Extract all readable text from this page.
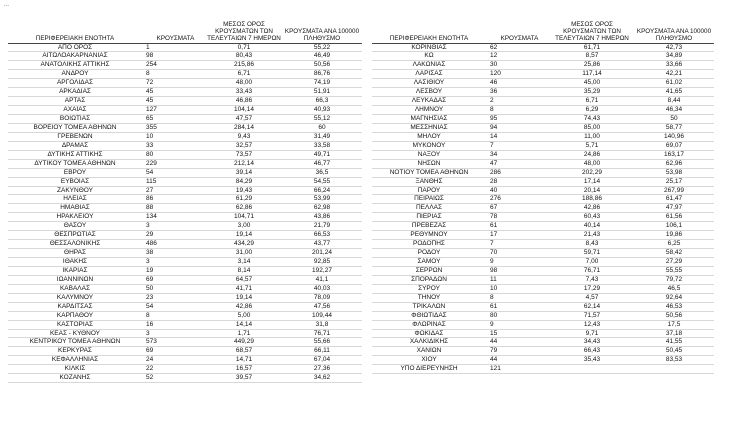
...
ΠΕΡΙΦΕΡΕΙΑΚΗ ΕΝΟΤΗΤΑ	ΚΡΟΥΣΜΑΤΑ	ΜΕΣΟΣ ΟΡΟΣ ΚΡΟΥΣΜΑΤΩΝ ΤΩΝ ΤΕΛΕΥΤΑΙΩΝ 7 ΗΜΕΡΩΝ	ΚΡΟΥΣΜΑΤΑ ΑΝΑ 100000 ΠΛΗΘΥΣΜΟ
ΑΠΟ ΟΡΟΣ	1	0,71	55,22
ΑΙΤΩΛΟΑΚΑΡΝΑΝΙΑΣ	98	80,43	46,49
ΑΝΑΤΟΛΙΚΗΣ ΑΤΤΙΚΗΣ	254	215,86	50,56
ΑΝΔΡΟΥ	8	6,71	86,76
ΑΡΓΟΛΙΔΑΣ	72	48,00	74,19
ΑΡΚΑΔΙΑΣ	45	33,43	51,91
ΑΡΤΑΣ	45	46,86	66,3
ΑΧΑΪΑΣ	127	104,14	40,93
ΒΟΙΩΤΙΑΣ	65	47,57	55,12
ΒΟΡΕΙΟΥ ΤΟΜΕΑ ΑΘΗΝΩΝ	355	284,14	60
ΓΡΕΒΕΝΩΝ	10	9,43	31,49
ΔΡΑΜΑΣ	33	32,57	33,58
ΔΥΤΙΚΗΣ ΑΤΤΙΚΗΣ	80	73,57	49,71
ΔΥΤΙΚΟΥ ΤΟΜΕΑ ΑΘΗΝΩΝ	229	212,14	46,77
ΕΒΡΟΥ	54	39,14	36,5
ΕΥΒΟΙΑΣ	115	84,29	54,55
ΖΑΚΥΝΘΟΥ	27	19,43	66,24
ΗΛΕΙΑΣ	86	61,29	53,99
ΗΜΑΘΙΑΣ	88	62,86	62,98
ΗΡΑΚΛΕΙΟΥ	134	104,71	43,86
ΘΑΣΟΥ	3	3,00	21,79
ΘΕΣΠΡΩΤΙΑΣ	29	19,14	66,53
ΘΕΣΣΑΛΟΝΙΚΗΣ	486	434,29	43,77
ΘΗΡΑΣ	38	31,00	201,24
ΙΘΑΚΗΣ	3	3,14	92,85
ΙΚΑΡΙΑΣ	19	8,14	192,27
ΙΩΑΝΝΙΝΩΝ	69	64,57	41,1
ΚΑΒΑΛΑΣ	50	41,71	40,03
ΚΑΛΥΜΝΟΥ	23	19,14	78,09
ΚΑΡΔΙΤΣΑΣ	54	42,86	47,56
ΚΑΡΠΑΘΟΥ	8	5,00	109,44
ΚΑΣΤΟΡΙΑΣ	16	14,14	31,8
ΚΕΑΣ - ΚΥΘΝΟΥ	3	1,71	76,71
ΚΕΝΤΡΙΚΟΥ ΤΟΜΕΑ ΑΘΗΝΩΝ	573	449,29	55,66
ΚΕΡΚΥΡΑΣ	69	68,57	66,11
ΚΕΦΑΛΛΗΝΙΑΣ	24	14,71	67,04
ΚΙΛΚΙΣ	22	16,57	27,36
ΚΟΖΑΝΗΣ	52	39,57	34,62
ΠΕΡΙΦΕΡΕΙΑΚΗ ΕΝΟΤΗΤΑ	ΚΡΟΥΣΜΑΤΑ	ΜΕΣΟΣ ΟΡΟΣ ΚΡΟΥΣΜΑΤΩΝ ΤΩΝ ΤΕΛΕΥΤΑΙΩΝ 7 ΗΜΕΡΩΝ	ΚΡΟΥΣΜΑΤΑ ΑΝΑ 100000 ΠΛΗΘΥΣΜΟ
ΚΟΡΙΝΘΙΑΣ	62	61,71	42,73
ΚΩ	12	8,57	34,89
ΛΑΚΩΝΙΑΣ	30	25,86	33,66
ΛΑΡΙΣΑΣ	120	117,14	42,21
ΛΑΣΙΘΙΟΥ	46	45,00	61,02
ΛΕΣΒΟΥ	36	35,29	41,65
ΛΕΥΚΑΔΑΣ	2	6,71	8,44
ΛΗΜΝΟΥ	8	6,29	46,34
ΜΑΓΝΗΣΙΑΣ	95	74,43	50
ΜΕΣΣΗΝΙΑΣ	94	85,00	58,77
ΜΗΛΟΥ	14	11,00	140,96
ΜΥΚΟΝΟΥ	7	5,71	69,07
ΝΑΞΟΥ	34	24,86	163,17
ΝΗΣΩΝ	47	48,00	62,96
ΝΟΤΙΟΥ ΤΟΜΕΑ ΑΘΗΝΩΝ	286	202,29	53,98
ΞΑΝΘΗΣ	28	17,14	25,17
ΠΑΡΟΥ	40	20,14	267,99
ΠΕΙΡΑΙΩΣ	276	188,86	61,47
ΠΕΛΛΑΣ	67	42,86	47,97
ΠΙΕΡΙΑΣ	78	60,43	61,56
ΠΡΕΒΕΖΑΣ	61	40,14	106,1
ΡΕΘΥΜΝΟΥ	17	21,43	19,86
ΡΟΔΟΠΗΣ	7	8,43	6,25
ΡΟΔΟΥ	70	59,71	58,42
ΣΑΜΟΥ	9	7,00	27,29
ΣΕΡΡΩΝ	98	76,71	55,55
ΣΠΟΡΑΔΩΝ	11	7,43	79,72
ΣΥΡΟΥ	10	17,29	46,5
ΤΗΝΟΥ	8	4,57	92,64
ΤΡΙΚΑΛΩΝ	61	62,14	46,53
ΦΘΙΩΤΙΔΑΣ	80	71,57	50,56
ΦΛΩΡΙΝΑΣ	9	12,43	17,5
ΦΩΚΙΔΑΣ	15	9,71	37,18
ΧΑΛΚΙΔΙΚΗΣ	44	34,43	41,55
ΧΑΝΙΩΝ	79	66,43	50,45
ΧΙΟΥ	44	35,43	83,53
ΥΠΟ ΔΙΕΡΕΥΝΗΣΗ	121		
